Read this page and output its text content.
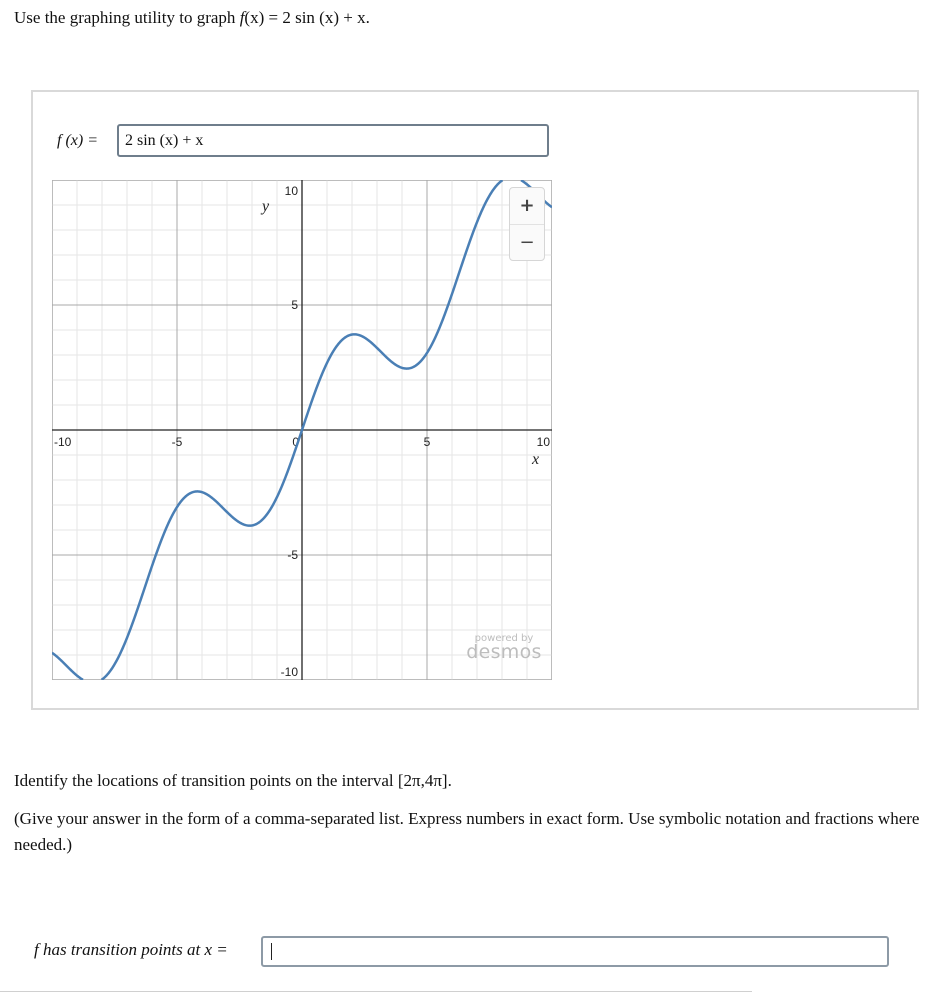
Use the graphing utility to graph f(x) = 2 sin (x) + x.
f (x) =	2 sin (x) + x
-10	-5	0	5	10
10
5
-5
-10
x
y	+
−
powered by
desmos
Identify the locations of transition points on the interval [2π,4π].
(Give your answer in the form of a comma-separated list. Express numbers in exact form. Use symbolic notation and fractions where needed.)
f has transition points at x =
